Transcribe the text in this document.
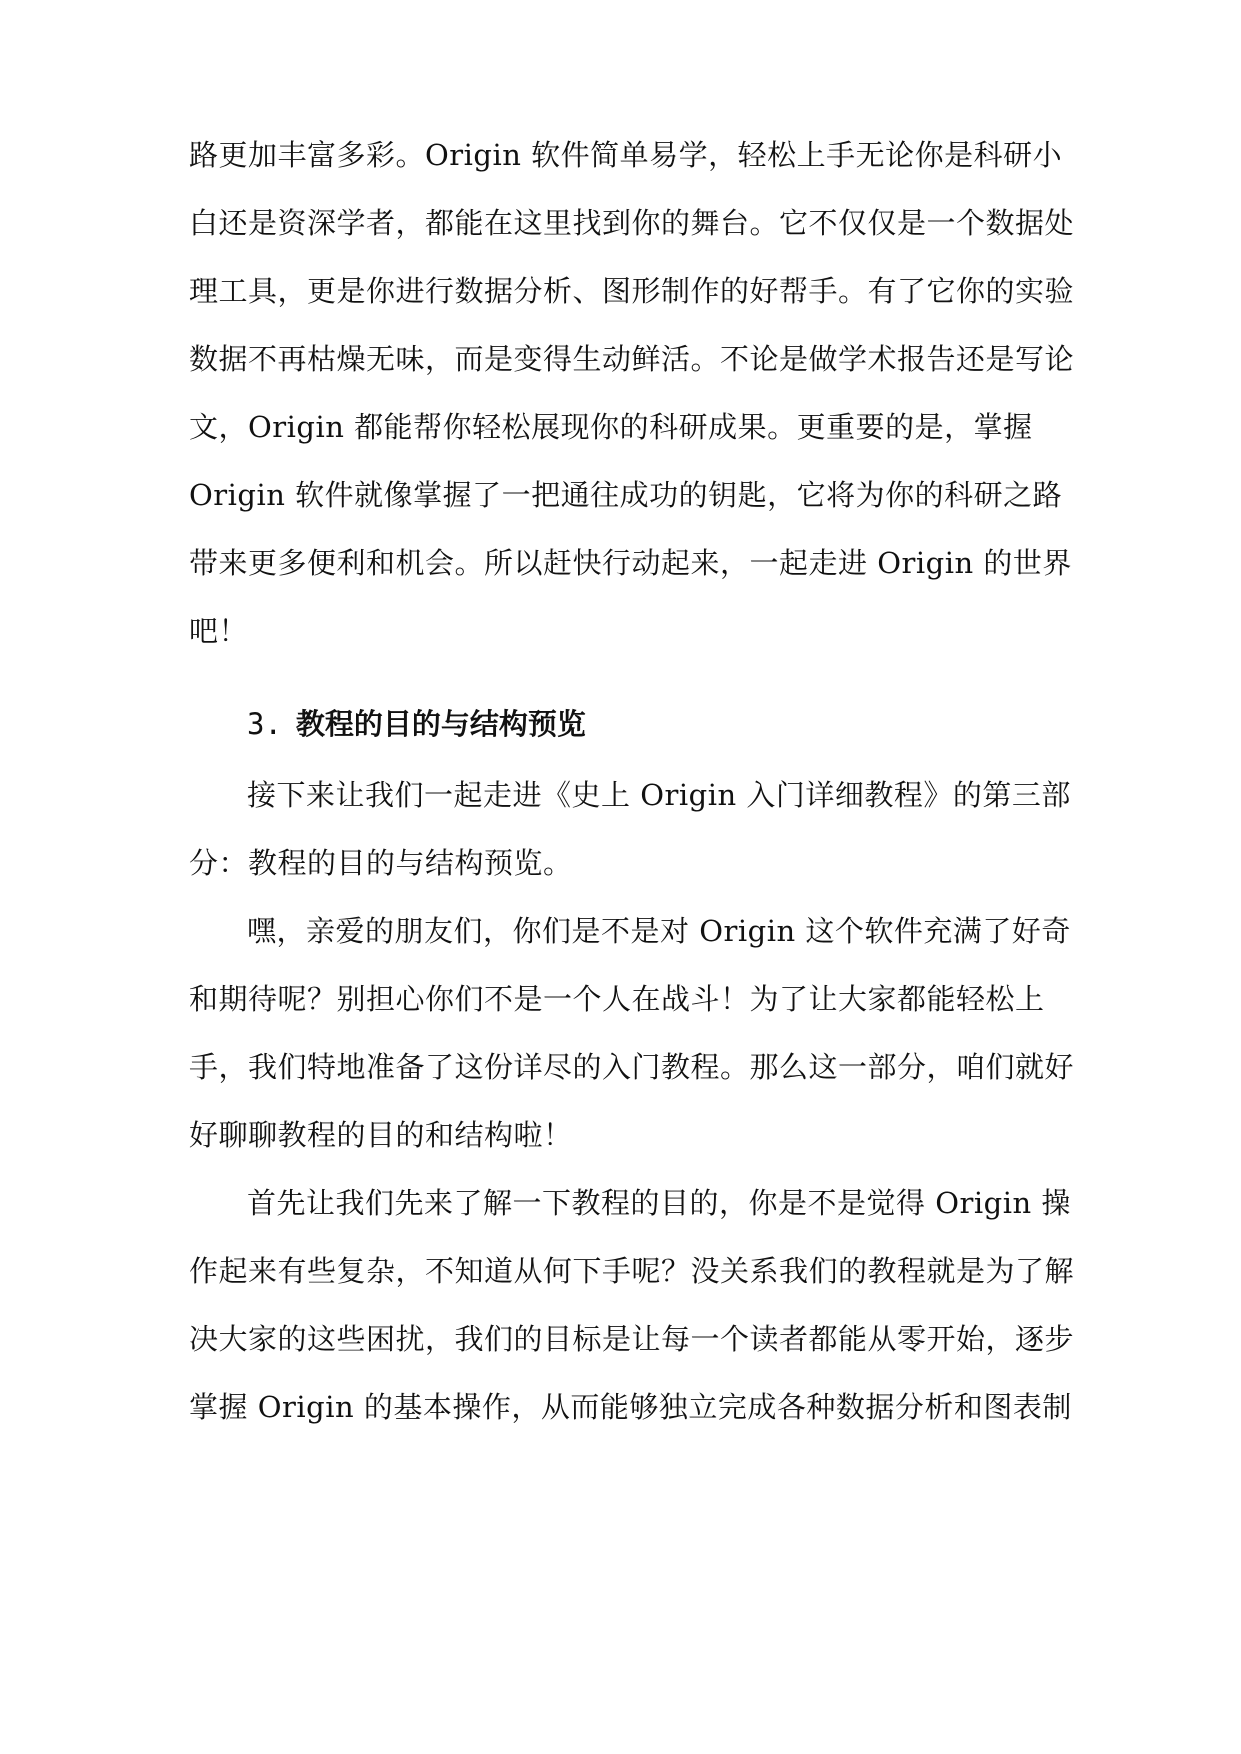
路更加丰富多彩。Origin 软件简单易学，轻松上手无论你是科研小
白还是资深学者，都能在这里找到你的舞台。它不仅仅是一个数据处
理工具，更是你进行数据分析、图形制作的好帮手。有了它你的实验
数据不再枯燥无味，而是变得生动鲜活。不论是做学术报告还是写论
文，Origin 都能帮你轻松展现你的科研成果。更重要的是，掌握
Origin 软件就像掌握了一把通往成功的钥匙，它将为你的科研之路
带来更多便利和机会。所以赶快行动起来，一起走进 Origin 的世界
吧！
3. 教程的目的与结构预览
接下来让我们一起走进《史上 Origin 入门详细教程》的第三部
分：教程的目的与结构预览。
嘿，亲爱的朋友们，你们是不是对 Origin 这个软件充满了好奇
和期待呢？别担心你们不是一个人在战斗！为了让大家都能轻松上
手，我们特地准备了这份详尽的入门教程。那么这一部分，咱们就好
好聊聊教程的目的和结构啦！
首先让我们先来了解一下教程的目的，你是不是觉得 Origin 操
作起来有些复杂，不知道从何下手呢？没关系我们的教程就是为了解
决大家的这些困扰，我们的目标是让每一个读者都能从零开始，逐步
掌握 Origin 的基本操作，从而能够独立完成各种数据分析和图表制
